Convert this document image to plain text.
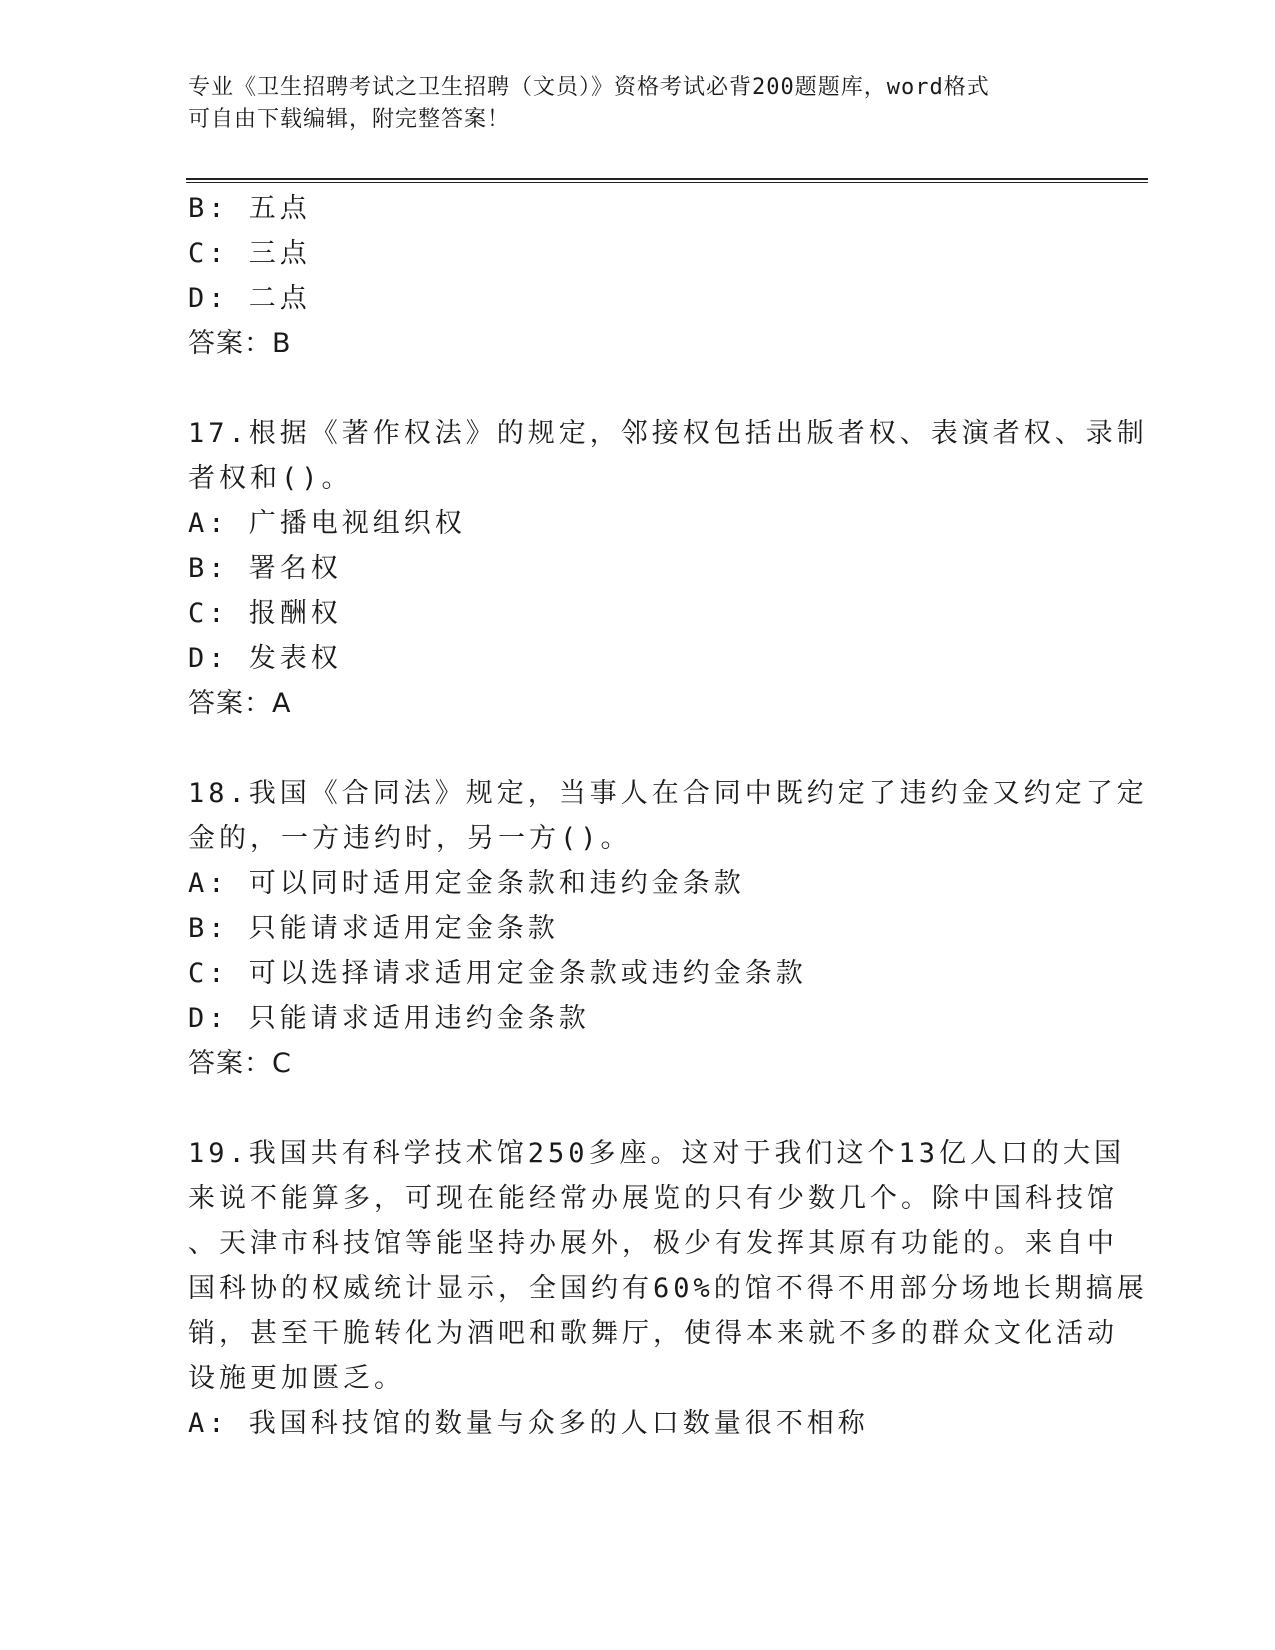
专业《卫生招聘考试之卫生招聘（文员）》资格考试必背200题题库，word格式
可自由下载编辑，附完整答案！
B: 五点
C: 三点
D: 二点
答案：B
17.根据《著作权法》的规定，邻接权包括出版者权、表演者权、录制
者权和()。
A: 广播电视组织权
B: 署名权
C: 报酬权
D: 发表权
答案：A
18.我国《合同法》规定，当事人在合同中既约定了违约金又约定了定
金的，一方违约时，另一方()。
A: 可以同时适用定金条款和违约金条款
B: 只能请求适用定金条款
C: 可以选择请求适用定金条款或违约金条款
D: 只能请求适用违约金条款
答案：C
19.我国共有科学技术馆250多座。这对于我们这个13亿人口的大国
来说不能算多，可现在能经常办展览的只有少数几个。除中国科技馆
、天津市科技馆等能坚持办展外，极少有发挥其原有功能的。来自中
国科协的权威统计显示，全国约有60%的馆不得不用部分场地长期搞展
销，甚至干脆转化为酒吧和歌舞厅，使得本来就不多的群众文化活动
设施更加匮乏。
A: 我国科技馆的数量与众多的人口数量很不相称
